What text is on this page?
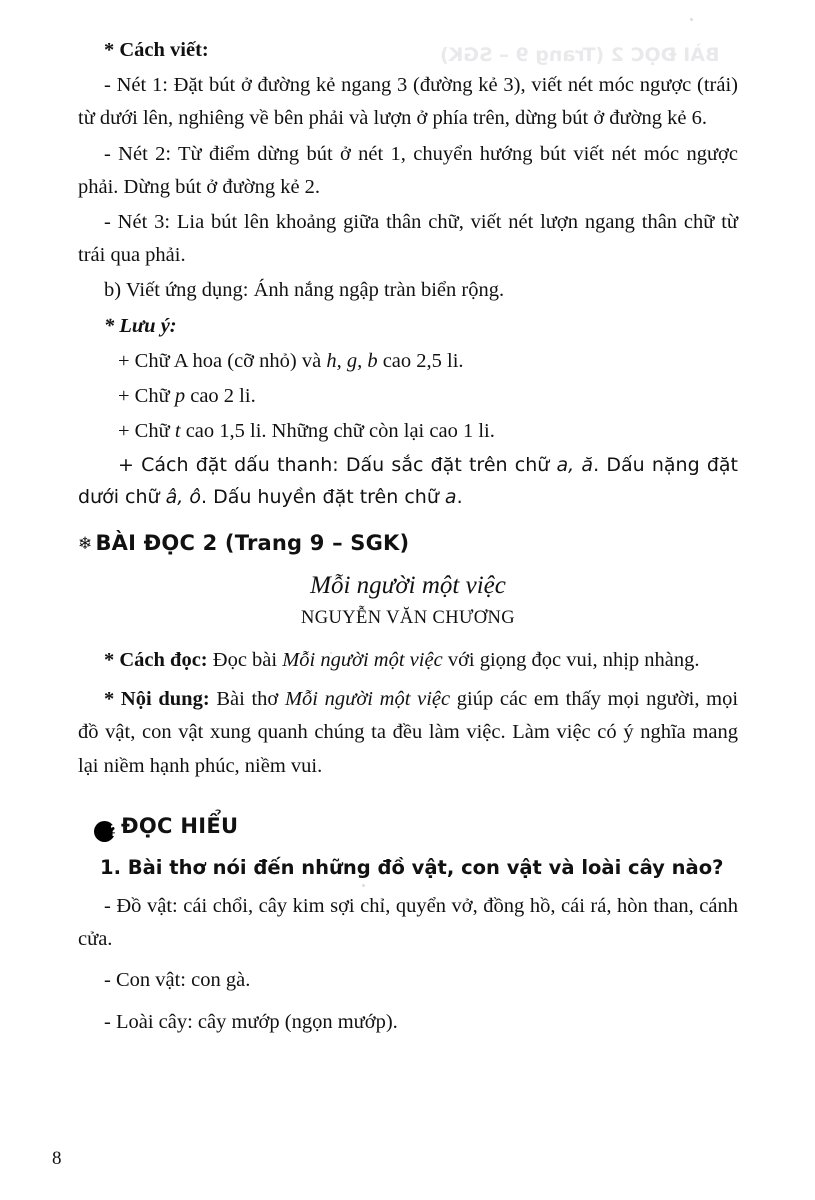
BÀI ĐỌC 2 (Trang 9 – SGK)

* Cách viết:

- Nét 1: Đặt bút ở đường kẻ ngang 3 (đường kẻ 3), viết nét móc ngược (trái) từ dưới lên, nghiêng về bên phải và lượn ở phía trên, dừng bút ở đường kẻ 6.

- Nét 2: Từ điểm dừng bút ở nét 1, chuyển hướng bút viết nét móc ngược phải. Dừng bút ở đường kẻ 2.

- Nét 3: Lia bút lên khoảng giữa thân chữ, viết nét lượn ngang thân chữ từ trái qua phải.

b) Viết ứng dụng: Ánh nắng ngập tràn biển rộng.

* Lưu ý:

+ Chữ A hoa (cỡ nhỏ) và h, g, b cao 2,5 li.

+ Chữ p cao 2 li.

+ Chữ t cao 1,5 li. Những chữ còn lại cao 1 li.

+ Cách đặt dấu thanh: Dấu sắc đặt trên chữ a, ă. Dấu nặng đặt dưới chữ â, ô. Dấu huyền đặt trên chữ a.

❄ BÀI ĐỌC 2 (Trang 9 – SGK)

Mỗi người một việc

NGUYỄN VĂN CHƯƠNG

* Cách đọc: Đọc bài Mỗi người một việc với giọng đọc vui, nhịp nhàng.

* Nội dung: Bài thơ Mỗi người một việc giúp các em thấy mọi người, mọi đồ vật, con vật xung quanh chúng ta đều làm việc. Làm việc có ý nghĩa mang lại niềm hạnh phúc, niềm vui.

?ĐỌC HIỂU

1. Bài thơ nói đến những đồ vật, con vật và loài cây nào?

- Đồ vật: cái chổi, cây kim sợi chỉ, quyển vở, đồng hồ, cái rá, hòn than, cánh cửa.

- Con vật: con gà.

- Loài cây: cây mướp (ngọn mướp).

8
